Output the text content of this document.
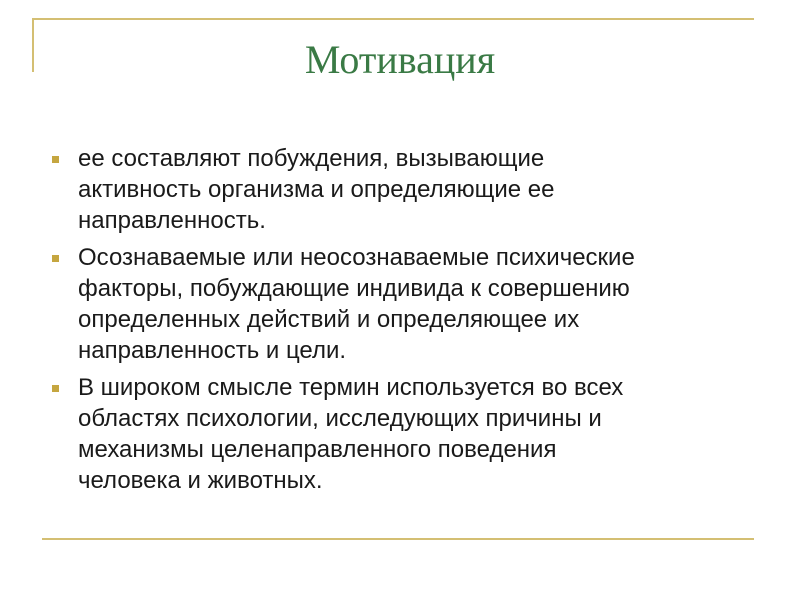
Мотивация
ее составляют побуждения, вызывающие
активность организма и определяющие ее
направленность.
Осознаваемые или неосознаваемые психические
факторы, побуждающие индивида к совершению
определенных действий и определяющее их
направленность и цели.
В широком смысле термин используется во всех
областях психологии, исследующих причины и
механизмы целенаправленного поведения
человека и животных.
